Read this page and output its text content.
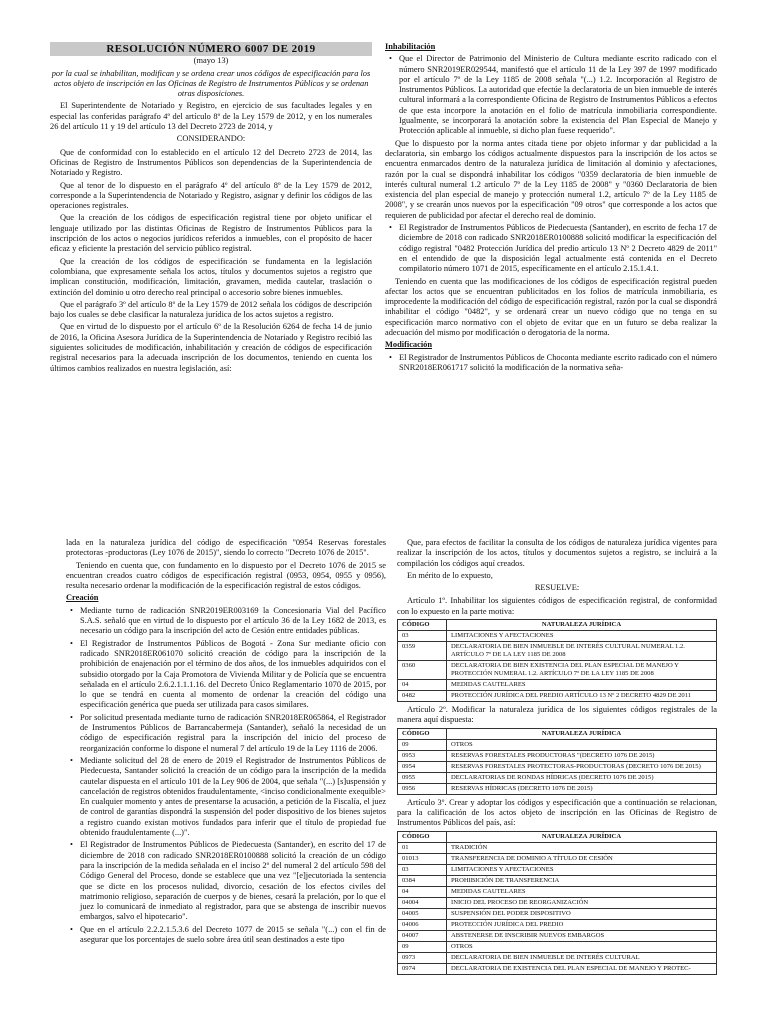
RESOLUCIÓN NÚMERO 6007 DE 2019

(mayo 13)

por la cual se inhabilitan, modifican y se ordena crear unos códigos de especificación para los actos objeto de inscripción en las Oficinas de Registro de Instrumentos Públicos y se ordenan otras disposiciones.

El Superintendente de Notariado y Registro, en ejercicio de sus facultades legales y en especial las conferidas parágrafo 4º del artículo 8º de la Ley 1579 de 2012, y en los numerales 26 del artículo 11 y 19 del artículo 13 del Decreto 2723 de 2014, y

CONSIDERANDO:

Que de conformidad con lo establecido en el artículo 12 del Decreto 2723 de 2014, las Oficinas de Registro de Instrumentos Públicos son dependencias de la Superintendencia de Notariado y Registro.

Que al tenor de lo dispuesto en el parágrafo 4º del artículo 8º de la Ley 1579 de 2012, corresponde a la Superintendencia de Notariado y Registro, asignar y definir los códigos de las operaciones registrales.

Que la creación de los códigos de especificación registral tiene por objeto unificar el lenguaje utilizado por las distintas Oficinas de Registro de Instrumentos Públicos para la inscripción de los actos o negocios jurídicos referidos a inmuebles, con el propósito de hacer eficaz y eficiente la prestación del servicio público registral.

Que la creación de los códigos de especificación se fundamenta en la legislación colombiana, que expresamente señala los actos, títulos y documentos sujetos a registro que implican constitución, modificación, limitación, gravamen, medida cautelar, traslación o extinción del dominio u otro derecho real principal o accesorio sobre bienes inmuebles.

Que el parágrafo 3º del artículo 8º de la Ley 1579 de 2012 señala los códigos de descripción bajo los cuales se debe clasificar la naturaleza jurídica de los actos sujetos a registro.

Que en virtud de lo dispuesto por el artículo 6º de la Resolución 6264 de fecha 14 de junio de 2016, la Oficina Asesora Jurídica de la Superintendencia de Notariado y Registro recibió las siguientes solicitudes de modificación, inhabilitación y creación de códigos de especificación registral necesarios para la adecuada inscripción de los documentos, teniendo en cuenta los últimos cambios realizados en nuestra legislación, así:

Inhabilitación

• Que el Director de Patrimonio del Ministerio de Cultura mediante escrito radicado con el número SNR2019ER029544, manifestó que el artículo 11 de la Ley 397 de 1997 modificado por el artículo 7º de la Ley 1185 de 2008 señala "(...) 1.2. Incorporación al Registro de Instrumentos Públicos. La autoridad que efectúe la declaratoria de un bien inmueble de interés cultural informará a la correspondiente Oficina de Registro de Instrumentos Públicos a efectos de que esta incorpore la anotación en el folio de matrícula inmobiliaria correspondiente. Igualmente, se incorporará la anotación sobre la existencia del Plan Especial de Manejo y Protección aplicable al inmueble, si dicho plan fuese requerido".

Que lo dispuesto por la norma antes citada tiene por objeto informar y dar publicidad a la declaratoria, sin embargo los códigos actualmente dispuestos para la inscripción de los actos se encuentra enmarcados dentro de la naturaleza jurídica de limitación al dominio y afectaciones, razón por la cual se dispondrá inhabilitar los códigos "0359 declaratoria de bien inmueble de interés cultural numeral 1.2 artículo 7º de la Ley 1185 de 2008" y "0360 Declaratoria de bien existencia del plan especial de manejo y protección numeral 1.2, artículo 7º de la Ley 1185 de 2008", y se crearán unos nuevos por la especificación "09 otros" que corresponde a los actos que requieren de publicidad por afectar el derecho real de dominio.

• El Registrador de Instrumentos Públicos de Piedecuesta (Santander), en escrito de fecha 17 de diciembre de 2018 con radicado SNR2018ER0100888 solicitó modificar la especificación del código registral "0482 Protección Jurídica del predio artículo 13 Nº 2 Decreto 4829 de 2011" en el entendido de que la disposición legal actualmente está contenida en el Decreto compilatorio número 1071 de 2015, específicamente en el artículo 2.15.1.4.1.

Teniendo en cuenta que las modificaciones de los códigos de especificación registral pueden afectar los actos que se encuentran publicitados en los folios de matrícula inmobiliaria, es improcedente la modificación del código de especificación registral, razón por la cual se dispondrá inhabilitar el código "0482", y se ordenará crear un nuevo código que no tenga en su especificación marco normativo con el objeto de evitar que en un futuro se deba realizar la adecuación del mismo por modificación o derogatoria de la norma.

Modificación

• El Registrador de Instrumentos Públicos de Choconta mediante escrito radicado con el número SNR2018ER061717 solicitó la modificación de la normativa seña-

lada en la naturaleza jurídica del código de especificación "0954 Reservas forestales protectoras -productoras (Ley 1076 de 2015)", siendo lo correcto "Decreto 1076 de 2015".

Teniendo en cuenta que, con fundamento en lo dispuesto por el Decreto 1076 de 2015 se encuentran creados cuatro códigos de especificación registral (0953, 0954, 0955 y 0956), resulta necesario ordenar la modificación de la especificación registral de estos códigos.

Creación

• Mediante turno de radicación SNR2019ER003169 la Concesionaria Vial del Pacífico S.A.S. señaló que en virtud de lo dispuesto por el artículo 36 de la Ley 1682 de 2013, es necesario un código para la inscripción del acto de Cesión entre entidades públicas.
• El Registrador de Instrumentos Públicos de Bogotá - Zona Sur mediante oficio con radicado SNR2018ER061070 solicitó creación de código para la inscripción de la prohibición de enajenación por el término de dos años, de los inmuebles adquiridos con el subsidio otorgado por la Caja Promotora de Vivienda Militar y de Policía que se encuentra señalada en el artículo 2.6.2.1.1.1.16. del Decreto Único Reglamentario 1070 de 2015, por lo que se tendrá en cuenta al momento de ordenar la creación del código una especificación genérica que pueda ser utilizada para casos similares.
• Por solicitud presentada mediante turno de radicación SNR2018ER065864, el Registrador de Instrumentos Públicos de Barrancabermeja (Santander), señaló la necesidad de un código de especificación registral para la inscripción del inicio del proceso de reorganización conforme lo dispone el numeral 7 del artículo 19 de la Ley 1116 de 2006.
• Mediante solicitud del 28 de enero de 2019 el Registrador de Instrumentos Públicos de Piedecuesta, Santander solicitó la creación de un código para la inscripción de la medida cautelar dispuesta en el artículo 101 de la Ley 906 de 2004, que señala "(...) [s]uspensión y cancelación de registros obtenidos fraudulentamente, <inciso condicionalmente exequible> En cualquier momento y antes de presentarse la acusación, a petición de la Fiscalía, el juez de control de garantías dispondrá la suspensión del poder dispositivo de los bienes sujetos a registro cuando existan motivos fundados para inferir que el título de propiedad fue obtenido fraudulentamente (...)".
• El Registrador de Instrumentos Públicos de Piedecuesta (Santander), en escrito del 17 de diciembre de 2018 con radicado SNR2018ER0100888 solicitó la creación de un código para la inscripción de la medida señalada en el inciso 2º del numeral 2 del artículo 598 del Código General del Proceso, donde se establece que una vez "[e]jecutoriada la sentencia que se dicte en los procesos nulidad, divorcio, cesación de los efectos civiles del matrimonio religioso, separación de cuerpos y de bienes, cesará la prelación, por lo que el juez lo comunicará de inmediato al registrador, para que se abstenga de inscribir nuevos embargos, salvo el hipotecario".
• Que en el artículo 2.2.2.1.5.3.6 del Decreto 1077 de 2015 se señala "(...) con el fin de asegurar que los porcentajes de suelo sobre área útil sean destinados a este tipo

Que, para efectos de facilitar la consulta de los códigos de naturaleza jurídica vigentes para realizar la inscripción de los actos, títulos y documentos sujetos a registro, se incluirá a la compilación los códigos aquí creados.

En mérito de lo expuesto,

RESUELVE:

Artículo 1º. Inhabilitar los siguientes códigos de especificación registral, de conformidad con lo expuesto en la parte motiva:

CÓDIGO	NATURALEZA JURÍDICA
03	LIMITACIONES Y AFECTACIONES
0359	DECLARATORIA DE BIEN INMUEBLE DE INTERÉS CULTURAL NUMERAL 1.2. ARTÍCULO 7º DE LA LEY 1185 DE 2008
0360	DECLARATORIA DE BIEN EXISTENCIA DEL PLAN ESPECIAL DE MANEJO Y PROTECCIÓN NUMERAL 1.2. ARTÍCULO 7º DE LA LEY 1185 DE 2008
04	MEDIDAS CAUTELARES
0482	PROTECCIÓN JURÍDICA DEL PREDIO ARTÍCULO 13 Nº 2 DECRETO 4829 DE 2011

Artículo 2º. Modificar la naturaleza jurídica de los siguientes códigos registrales de la manera aquí dispuesta:

CÓDIGO	NATURALEZA JURÍDICA
09	OTROS
0953	RESERVAS FORESTALES PRODUCTORAS "(DECRETO 1076 DE 2015)
0954	RESERVAS FORESTALES PROTECTORAS-PRODUCTORAS (DECRETO 1076 DE 2015)
0955	DECLARATORIAS DE RONDAS HÍDRICAS (DECRETO 1076 DE 2015)
0956	RESERVAS HÍDRICAS (DECRETO 1076 DE 2015)

Artículo 3º. Crear y adoptar los códigos y especificación que a continuación se relacionan, para la calificación de los actos objeto de inscripción en las Oficinas de Registro de Instrumentos Públicos del país, así:

CÓDIGO	NATURALEZA JURÍDICA
01	TRADICIÓN
01013	TRANSFERENCIA DE DOMINIO A TÍTULO DE CESIÓN
03	LIMITACIONES Y AFECTACIONES
0384	PROHIBICIÓN DE TRANSFERENCIA
04	MEDIDAS CAUTELARES
04004	INICIO DEL PROCESO DE REORGANIZACIÓN
04005	SUSPENSIÓN DEL PODER DISPOSITIVO
04006	PROTECCIÓN JURÍDICA DEL PREDIO
04007	ABSTENERSE DE INSCRIBIR NUEVOS EMBARGOS
09	OTROS
0973	DECLARATORIA DE BIEN INMUEBLE DE INTERÉS CULTURAL
0974	DECLARATORIA DE EXISTENCIA DEL PLAN ESPECIAL DE MANEJO Y PROTEC-
